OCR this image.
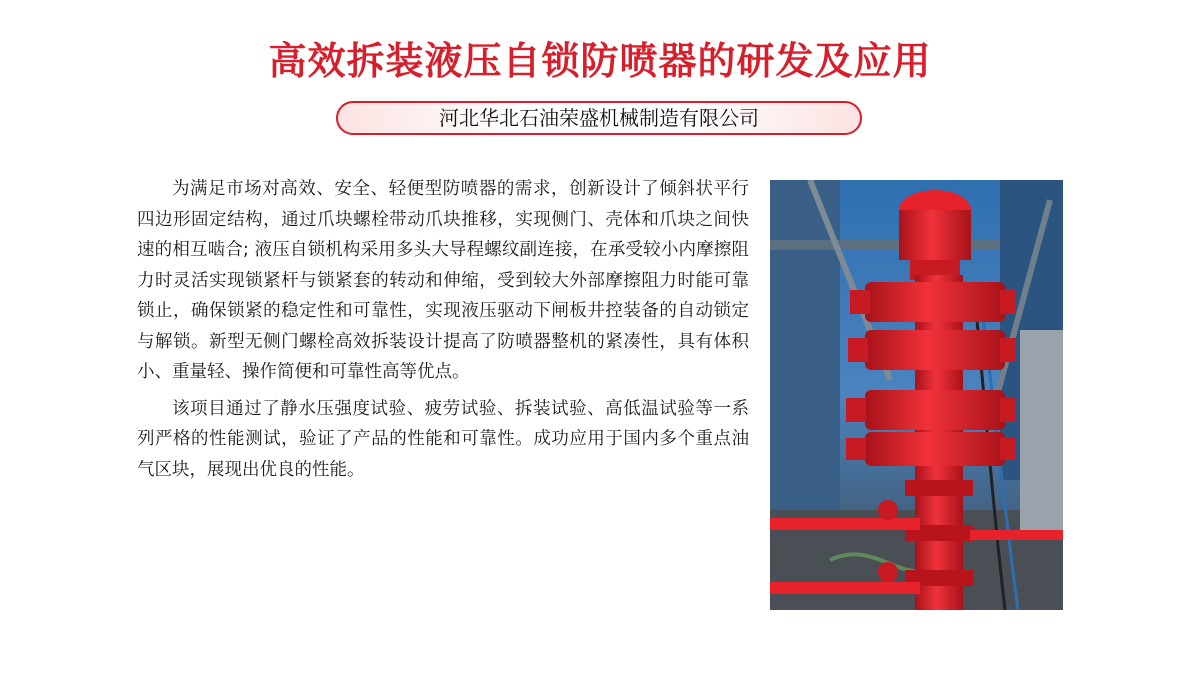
高效拆装液压自锁防喷器的研发及应用
河北华北石油荣盛机械制造有限公司

为满足市场对高效、安全、轻便型防喷器的需求，创新设计了倾斜状平行四边形固定结构，通过爪块螺栓带动爪块推移，实现侧门、壳体和爪块之间快速的相互啮合; 液压自锁机构采用多头大导程螺纹副连接，在承受较小内摩擦阻力时灵活实现锁紧杆与锁紧套的转动和伸缩，受到较大外部摩擦阻力时能可靠锁止，确保锁紧的稳定性和可靠性，实现液压驱动下闸板井控装备的自动锁定与解锁。新型无侧门螺栓高效拆装设计提高了防喷器整机的紧凑性，具有体积小、重量轻、操作简便和可靠性高等优点。

该项目通过了静水压强度试验、疲劳试验、拆装试验、高低温试验等一系列严格的性能测试，验证了产品的性能和可靠性。成功应用于国内多个重点油气区块，展现出优良的性能。
